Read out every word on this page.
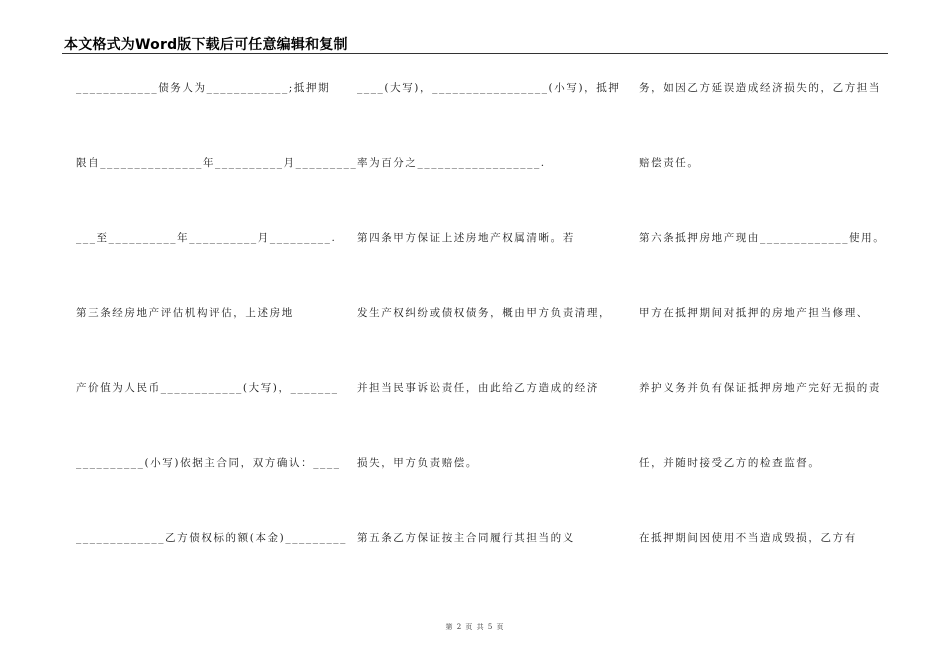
本文格式为Word版下载后可任意编辑和复制
____________债务人为____________;抵押期
限自_______________年__________月_________
___至__________年__________月_________.
第三条经房地产评估机构评估，上述房地
产价值为人民币____________(大写)，_______
__________(小写)依据主合同，双方确认：____
_____________乙方债权标的额(本金)_________
____(大写)，_________________(小写)，抵押
率为百分之__________________.
第四条甲方保证上述房地产权属清晰。若
发生产权纠纷或债权债务，概由甲方负责清理，
并担当民事诉讼责任，由此给乙方造成的经济
损失，甲方负责赔偿。
第五条乙方保证按主合同履行其担当的义
务，如因乙方延误造成经济损失的，乙方担当
赔偿责任。
第六条抵押房地产现由_____________使用。
甲方在抵押期间对抵押的房地产担当修理、
养护义务并负有保证抵押房地产完好无损的责
任，并随时接受乙方的检查监督。
在抵押期间因使用不当造成毁损，乙方有
第 2 页 共 5 页
